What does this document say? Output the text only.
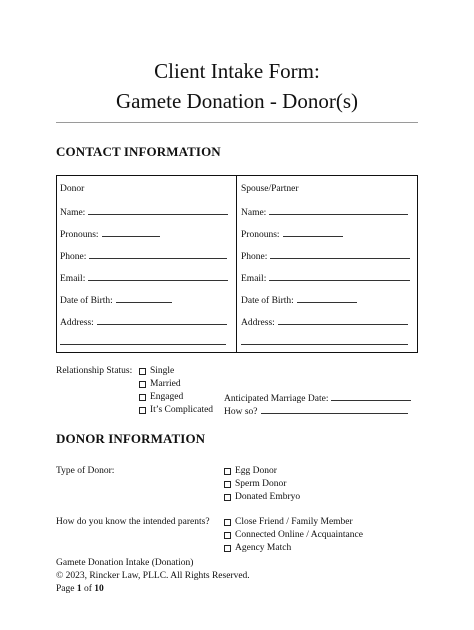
Client Intake Form:
Gamete Donation - Donor(s)
CONTACT INFORMATION
Donor
Name:
Pronouns:
Phone:
Email:
Date of Birth:
Address:
Spouse/Partner
Name:
Pronouns:
Phone:
Email:
Date of Birth:
Address:
Relationship Status: Single
Married
Engaged
It’s Complicated
Anticipated Marriage Date:
How so?
DONOR INFORMATION
Type of Donor:	Egg Donor
Sperm Donor
Donated Embryo
How do you know the intended parents?	Close Friend / Family Member
Connected Online / Acquaintance
Agency Match
Gamete Donation Intake (Donation)
© 2023, Rincker Law, PLLC. All Rights Reserved.
Page 1 of 10
